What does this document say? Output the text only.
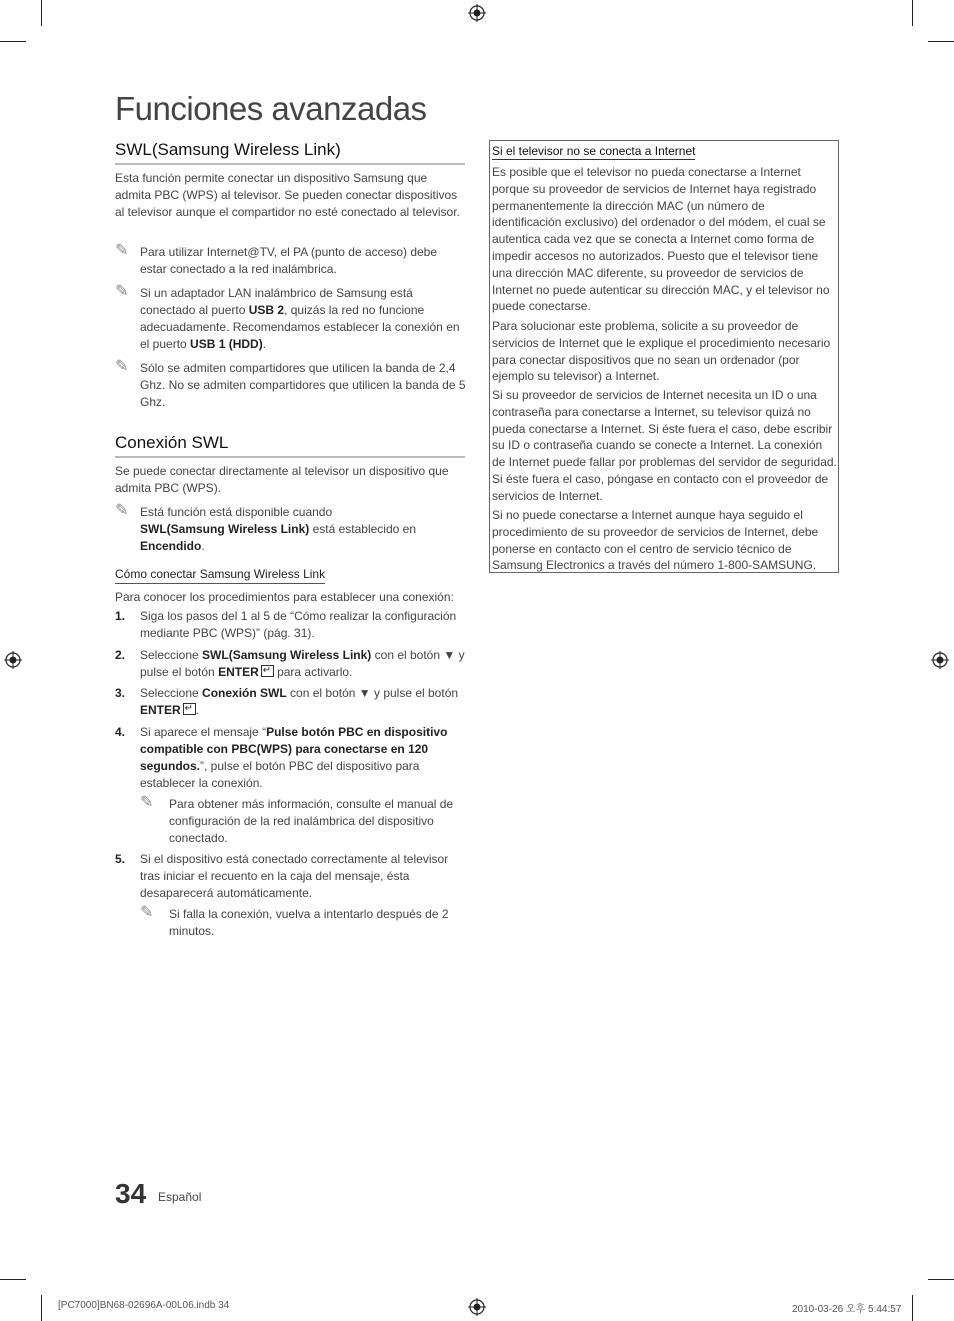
Funciones avanzadas
SWL(Samsung Wireless Link)
Esta función permite conectar un dispositivo Samsung que admita PBC (WPS) al televisor. Se pueden conectar dispositivos al televisor aunque el compartidor no esté conectado al televisor.
✎ Para utilizar Internet@TV, el PA (punto de acceso) debe estar conectado a la red inalámbrica.
✎ Si un adaptador LAN inalámbrico de Samsung está conectado al puerto USB 2, quizás la red no funcione adecuadamente. Recomendamos establecer la conexión en el puerto USB 1 (HDD).
✎ Sólo se admiten compartidores que utilicen la banda de 2,4 Ghz. No se admiten compartidores que utilicen la banda de 5 Ghz.
Conexión SWL
Se puede conectar directamente al televisor un dispositivo que admita PBC (WPS).
✎ Está función está disponible cuando
SWL(Samsung Wireless Link) está establecido en
Encendido.
Cómo conectar Samsung Wireless Link
Para conocer los procedimientos para establecer una conexión:
1. Siga los pasos del 1 al 5 de “Cómo realizar la configuración mediante PBC (WPS)” (pág. 31).
2. Seleccione SWL(Samsung Wireless Link) con el botón ▼ y pulse el botón ENTER↵ para activarlo.
3. Seleccione Conexión SWL con el botón ▼ y pulse el botón ENTER↵ .
4. Si aparece el mensaje “Pulse botón PBC en dispositivo compatible con PBC(WPS) para conectarse en 120 segundos.”, pulse el botón PBC del dispositivo para establecer la conexión.
✎ Para obtener más información, consulte el manual de configuración de la red inalámbrica del dispositivo conectado.
5. Si el dispositivo está conectado correctamente al televisor tras iniciar el recuento en la caja del mensaje, ésta desaparecerá automáticamente.
✎ Si falla la conexión, vuelva a intentarlo después de 2 minutos.
Si el televisor no se conecta a Internet
Es posible que el televisor no pueda conectarse a Internet porque su proveedor de servicios de Internet haya registrado permanentemente la dirección MAC (un número de identificación exclusivo) del ordenador o del módem, el cual se autentica cada vez que se conecta a Internet como forma de impedir accesos no autorizados. Puesto que el televisor tiene una dirección MAC diferente, su proveedor de servicios de Internet no puede autenticar su dirección MAC, y el televisor no puede conectarse.
Para solucionar este problema, solicite a su proveedor de servicios de Internet que le explique el procedimiento necesario para conectar dispositivos que no sean un ordenador (por ejemplo su televisor) a Internet.
Si su proveedor de servicios de Internet necesita un ID o una contraseña para conectarse a Internet, su televisor quizá no pueda conectarse a Internet. Si éste fuera el caso, debe escribir su ID o contraseña cuando se conecte a Internet. La conexión de Internet puede fallar por problemas del servidor de seguridad. Si éste fuera el caso, póngase en contacto con el proveedor de servicios de Internet.
Si no puede conectarse a Internet aunque haya seguido el procedimiento de su proveedor de servicios de Internet, debe ponerse en contacto con el centro de servicio técnico de Samsung Electronics a través del número 1-800-SAMSUNG.
34 Español
[PC7000]BN68-02696A-00L06.indb 34	2010-03-26 오후 5:44:57
